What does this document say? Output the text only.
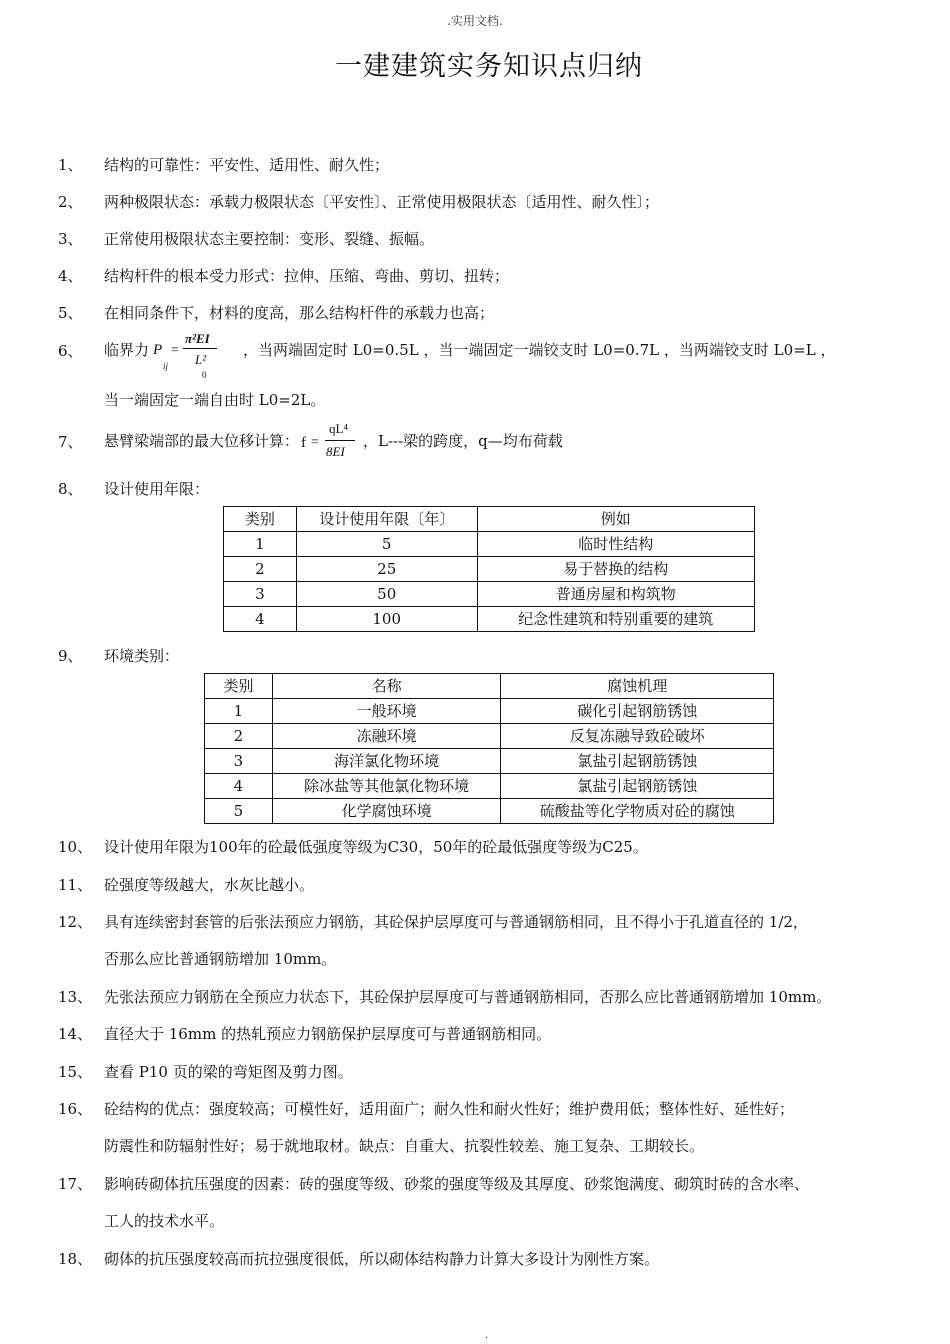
.实用文档.
一建建筑实务知识点归纳
1、 结构的可靠性：平安性、适用性、耐久性；
2、 两种极限状态：承载力极限状态〔平安性〕、正常使用极限状态〔适用性、耐久性〕；
3、 正常使用极限状态主要控制：变形、裂缝、振幅。
4、 结构杆件的根本受力形式：拉伸、压缩、弯曲、剪切、扭转；
5、 在相同条件下，材料的度高，那么结构杆件的承载力也高；
6、 临界力 P
ij
=
π²EI
L²
0
，当两端固定时 L0=0.5L ，当一端固定一端铰支时 L0=0.7L ，当两端铰支时 L0=L ，
当一端固定一端自由时 L0=2L。
7、 悬臂梁端部的最大位移计算： f =
qL⁴
8EI
，L---梁的跨度，q—均布荷载
8、 设计使用年限：
类别	设计使用年限〔年〕	例如
1	5	临时性结构
2	25	易于替换的结构
3	50	普通房屋和构筑物
4	100	纪念性建筑和特别重要的建筑
9、 环境类别：
类别	名称	腐蚀机理
1	一般环境	碳化引起钢筋锈蚀
2	冻融环境	反复冻融导致砼破坏
3	海洋氯化物环境	氯盐引起钢筋锈蚀
4	除冰盐等其他氯化物环境	氯盐引起钢筋锈蚀
5	化学腐蚀环境	硫酸盐等化学物质对砼的腐蚀
10、 设计使用年限为100年的砼最低强度等级为C30，50年的砼最低强度等级为C25。
11、 砼强度等级越大，水灰比越小。
12、 具有连续密封套管的后张法预应力钢筋，其砼保护层厚度可与普通钢筋相同，且不得小于孔道直径的 1/2，
否那么应比普通钢筋增加 10mm。
13、 先张法预应力钢筋在全预应力状态下，其砼保护层厚度可与普通钢筋相同，否那么应比普通钢筋增加 10mm。
14、 直径大于 16mm 的热轧预应力钢筋保护层厚度可与普通钢筋相同。
15、 查看 P10 页的梁的弯矩图及剪力图。
16、 砼结构的优点：强度较高；可模性好，适用面广；耐久性和耐火性好；维护费用低；整体性好、延性好；
防震性和防辐射性好；易于就地取材。缺点：自重大、抗裂性较差、施工复杂、工期较长。
17、 影响砖砌体抗压强度的因素：砖的强度等级、砂浆的强度等级及其厚度、砂浆饱满度、砌筑时砖的含水率、
工人的技术水平。
18、 砌体的抗压强度较高而抗拉强度很低，所以砌体结构静力计算大多设计为刚性方案。
.
